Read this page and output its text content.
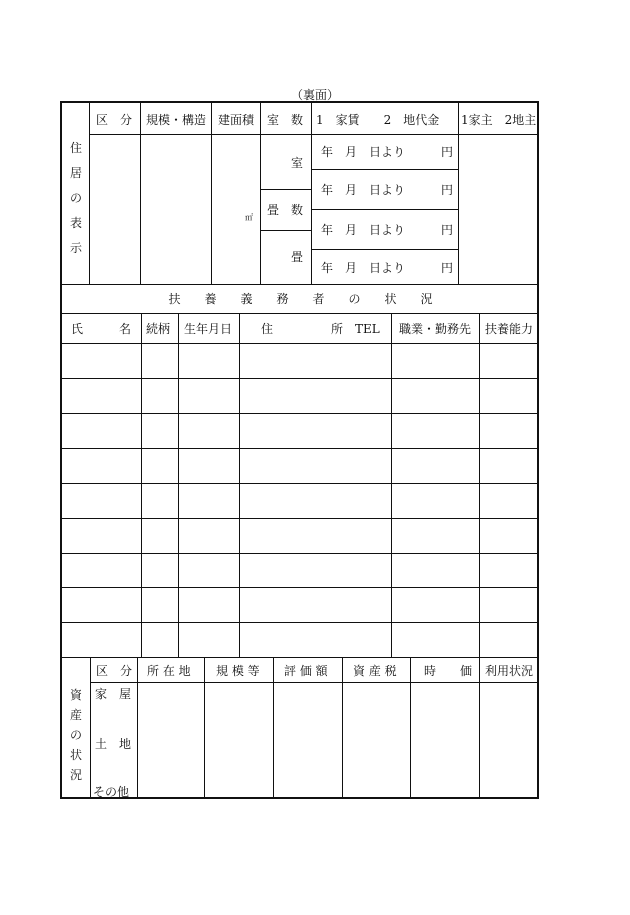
（裏面）
住居の表示
区　分 規模・構造 建面積 室　数 1　家賃　　2　地代金 1家主　2地主
㎡
室
畳　数
畳
年　月　日より　　　円
年　月　日より　　　円
年　月　日より　　　円
年　月　日より　　　円
扶　　養　　義　　務　　者　　の　　状　　況
氏　　　名 続柄 生年月日 住	所　TEL 職業・勤務先 扶養能力
資産の状況
区　分 所 在 地 規 模 等 評 価 額 資 産 税 時 価 利用状況
家　屋
土　地
その他
